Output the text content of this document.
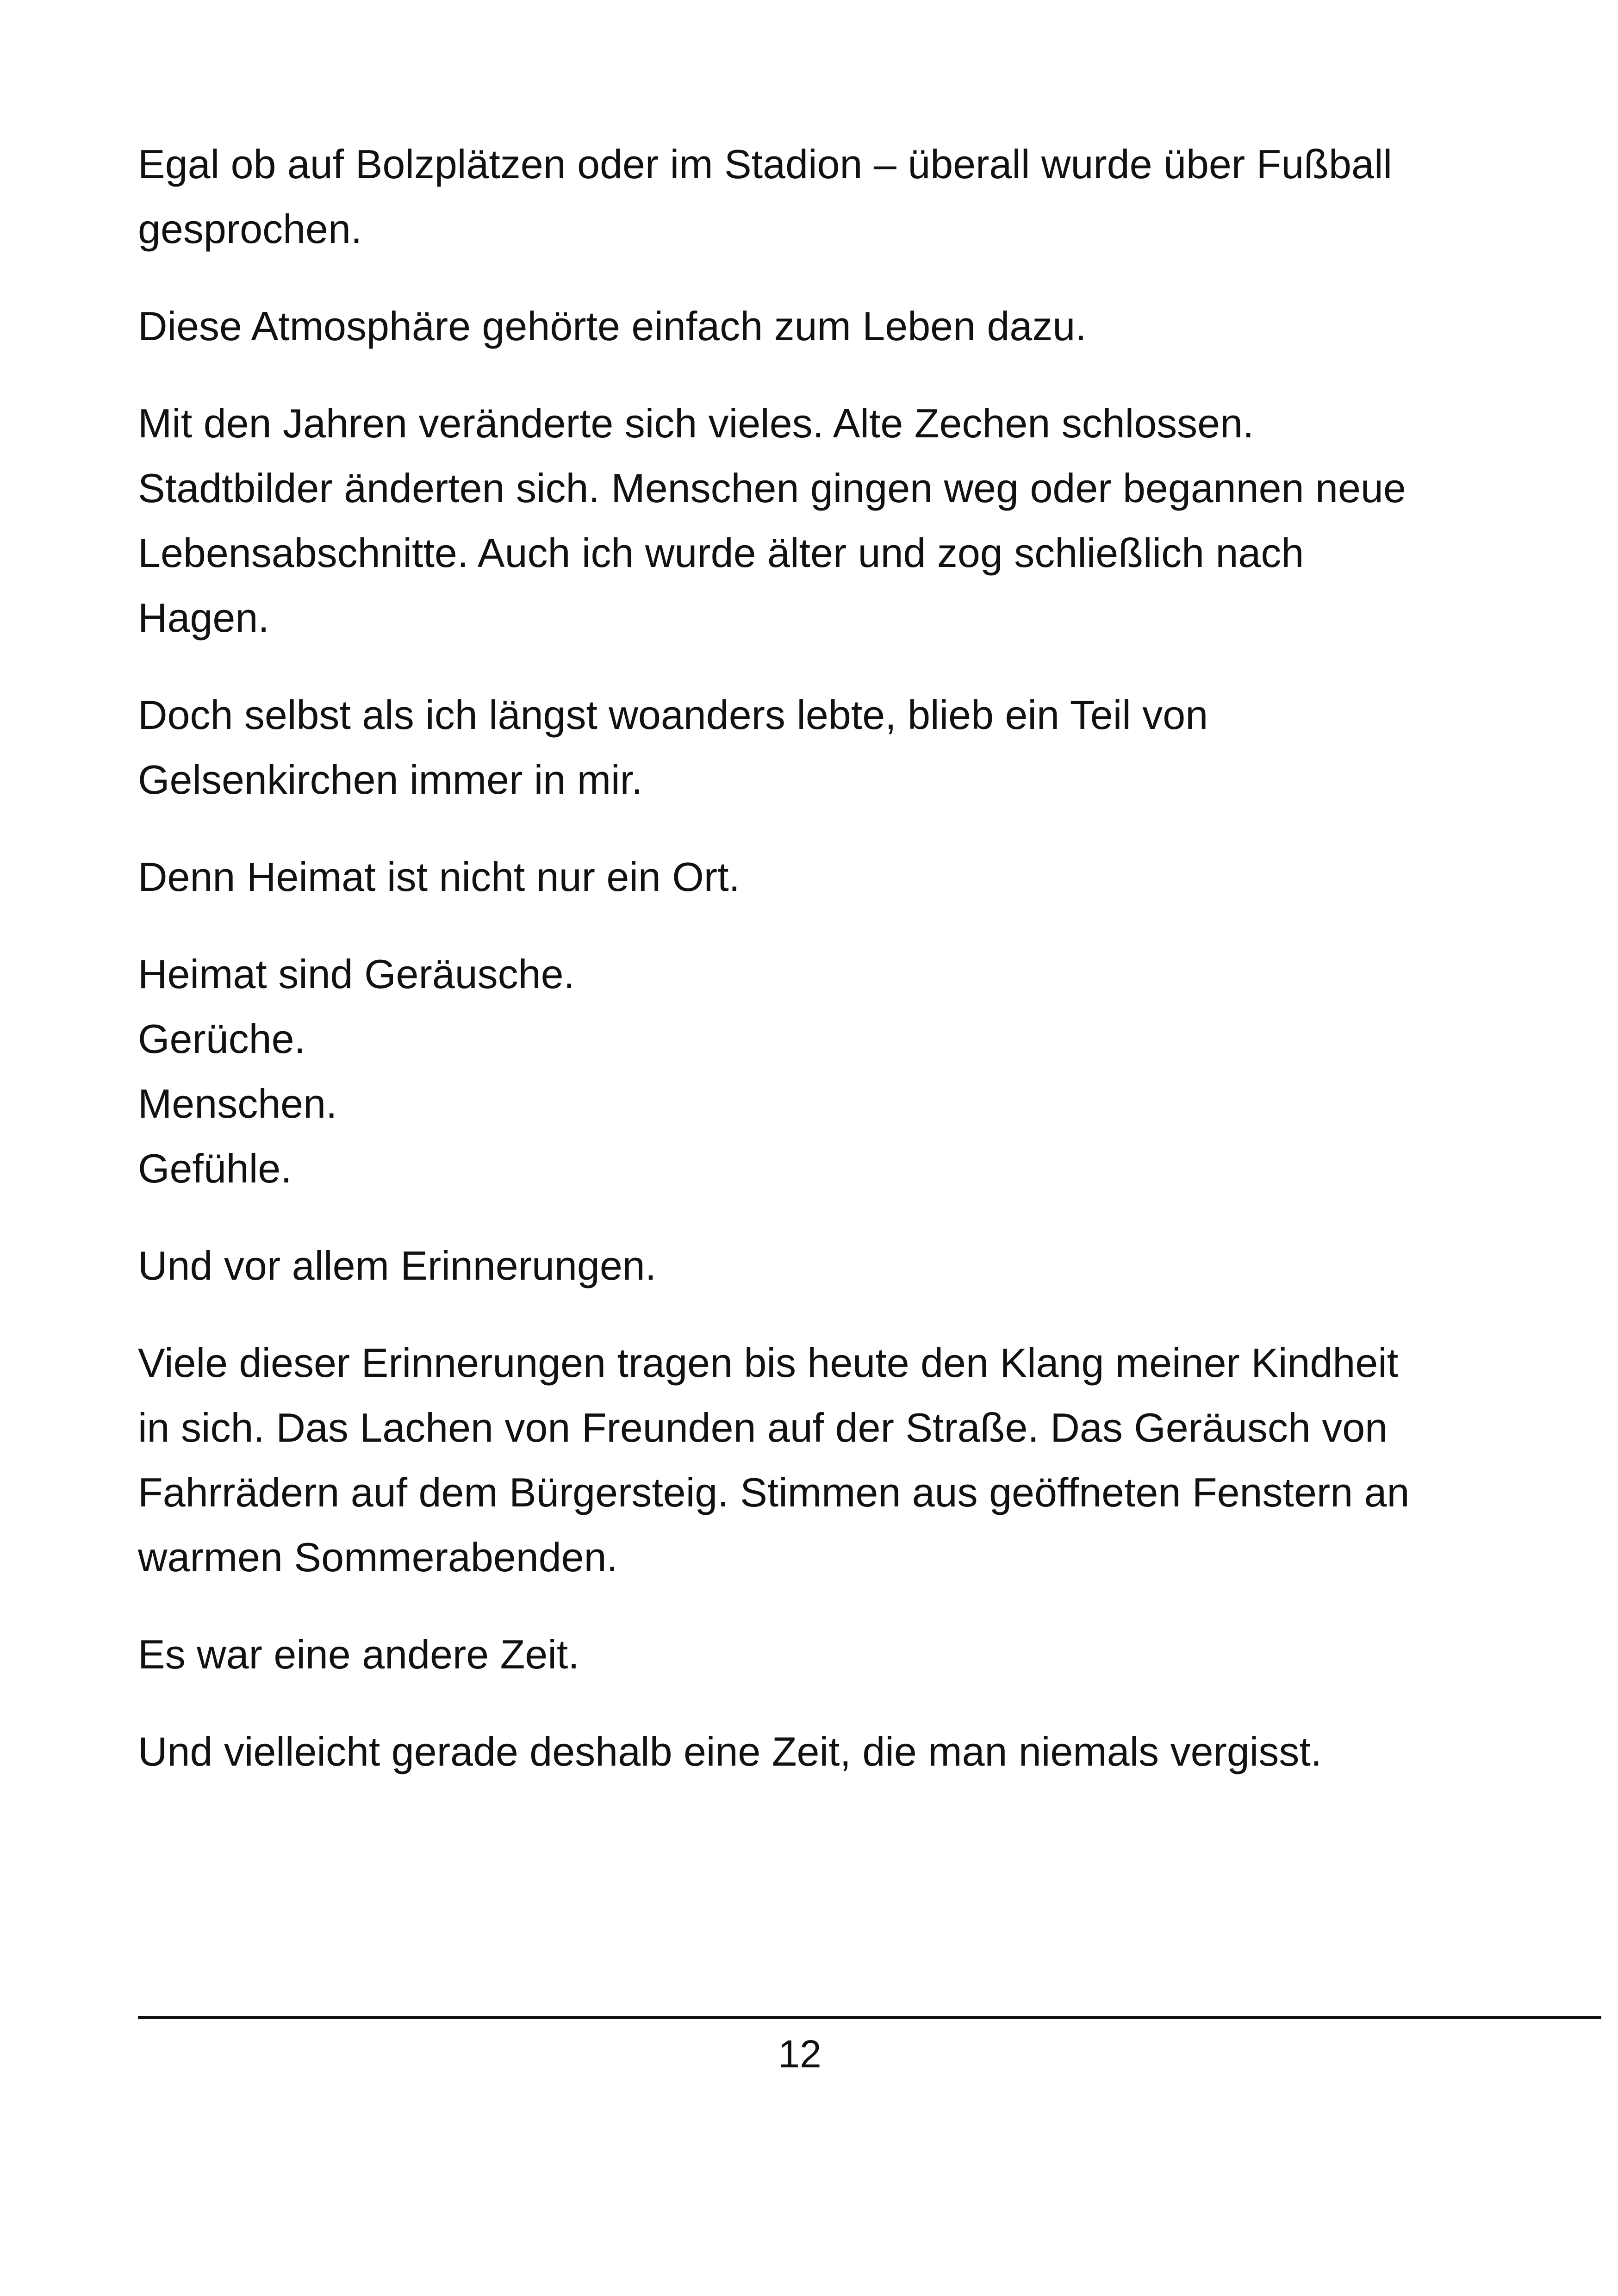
Egal ob auf Bolzplätzen oder im Stadion – überall wurde über Fußball
gesprochen.

Diese Atmosphäre gehörte einfach zum Leben dazu.

Mit den Jahren veränderte sich vieles. Alte Zechen schlossen.
Stadtbilder änderten sich. Menschen gingen weg oder begannen neue
Lebensabschnitte. Auch ich wurde älter und zog schließlich nach
Hagen.

Doch selbst als ich längst woanders lebte, blieb ein Teil von
Gelsenkirchen immer in mir.

Denn Heimat ist nicht nur ein Ort.

Heimat sind Geräusche.
Gerüche.
Menschen.
Gefühle.

Und vor allem Erinnerungen.

Viele dieser Erinnerungen tragen bis heute den Klang meiner Kindheit
in sich. Das Lachen von Freunden auf der Straße. Das Geräusch von
Fahrrädern auf dem Bürgersteig. Stimmen aus geöffneten Fenstern an
warmen Sommerabenden.

Es war eine andere Zeit.

Und vielleicht gerade deshalb eine Zeit, die man niemals vergisst.

12
